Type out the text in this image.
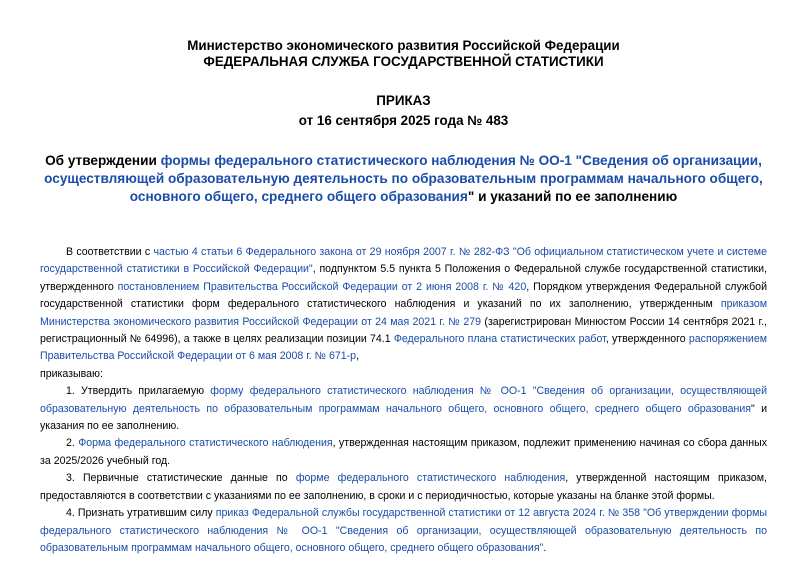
Министерство экономического развития Российской Федерации
ФЕДЕРАЛЬНАЯ СЛУЖБА ГОСУДАРСТВЕННОЙ СТАТИСТИКИ
ПРИКАЗ
от 16 сентября 2025 года № 483
Об утверждении формы федерального статистического наблюдения № ОО-1 "Сведения об организации, осуществляющей образовательную деятельность по образовательным программам начального общего, основного общего, среднего общего образования" и указаний по ее заполнению

В соответствии с частью 4 статьи 6 Федерального закона от 29 ноября 2007 г. № 282-ФЗ "Об официальном статистическом учете и системе государственной статистики в Российской Федерации", подпунктом 5.5 пункта 5 Положения о Федеральной службе государственной статистики, утвержденного постановлением Правительства Российской Федерации от 2 июня 2008 г. № 420, Порядком утверждения Федеральной службой государственной статистики форм федерального статистического наблюдения и указаний по их заполнению, утвержденным приказом Министерства экономического развития Российской Федерации от 24 мая 2021 г. № 279 (зарегистрирован Минюстом России 14 сентября 2021 г., регистрационный № 64996), а также в целях реализации позиции 74.1 Федерального плана статистических работ, утвержденного распоряжением Правительства Российской Федерации от 6 мая 2008 г. № 671-р,

приказываю:

1. Утвердить прилагаемую форму федерального статистического наблюдения № ОО-1 "Сведения об организации, осуществляющей образовательную деятельность по образовательным программам начального общего, основного общего, среднего общего образования" и указания по ее заполнению.

2. Форма федерального статистического наблюдения, утвержденная настоящим приказом, подлежит применению начиная со сбора данных за 2025/2026 учебный год.

3. Первичные статистические данные по форме федерального статистического наблюдения, утвержденной настоящим приказом, предоставляются в соответствии с указаниями по ее заполнению, в сроки и с периодичностью, которые указаны на бланке этой формы.

4. Признать утратившим силу приказ Федеральной службы государственной статистики от 12 августа 2024 г. № 358 "Об утверждении формы федерального статистического наблюдения № ОО-1 "Сведения об организации, осуществляющей образовательную деятельность по образовательным программам начального общего, основного общего, среднего общего образования".
